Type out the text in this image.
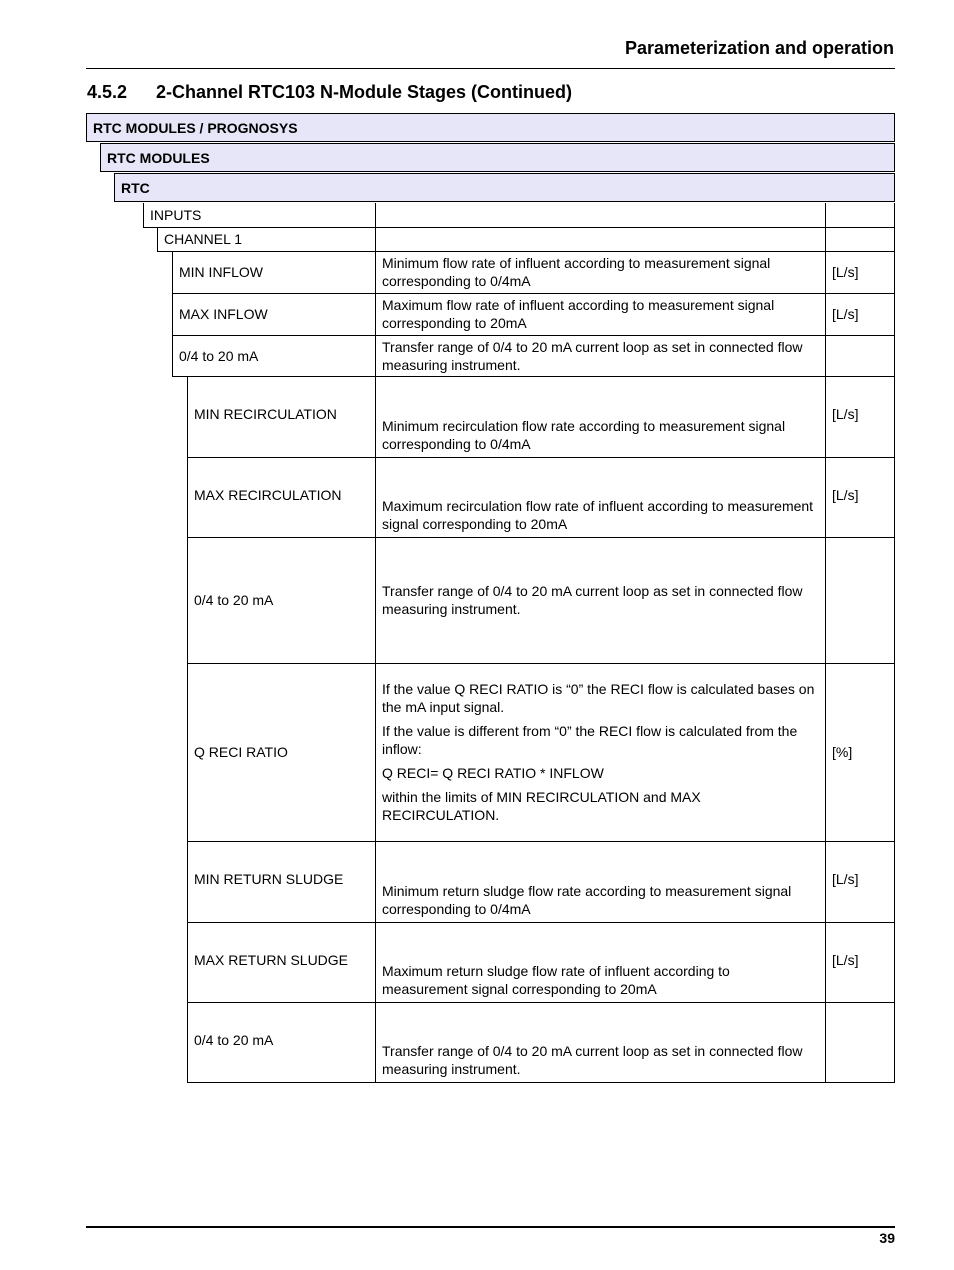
Parameterization and operation
4.5.2 2-Channel RTC103 N-Module Stages (Continued)
RTC MODULES / PROGNOSYS
RTC MODULES
RTC
INPUTS
CHANNEL 1
MIN INFLOW

Minimum flow rate of influent according to measurement signal corresponding to 0/4mA

[L/s]
MAX INFLOW

Maximum flow rate of influent according to measurement signal corresponding to 20mA

[L/s]
0/4 to 20 mA

Transfer range of 0/4 to 20 mA current loop as set in connected flow measuring instrument.

MIN RECIRCULATION

Minimum recirculation flow rate according to measurement signal corresponding to 0/4mA

[L/s]
MAX RECIRCULATION

Maximum recirculation flow rate of influent according to measurement signal corresponding to 20mA

[L/s]
0/4 to 20 mA

Transfer range of 0/4 to 20 mA current loop as set in connected flow measuring instrument.

Q RECI RATIO

If the value Q RECI RATIO is “0” the RECI flow is calculated bases on the mA input signal.

If the value is different from “0” the RECI flow is calculated from the inflow:

Q RECI= Q RECI RATIO * INFLOW

within the limits of MIN RECIRCULATION and MAX RECIRCULATION.

[%]
MIN RETURN SLUDGE

Minimum return sludge flow rate according to measurement signal corresponding to 0/4mA

[L/s]
MAX RETURN SLUDGE

Maximum return sludge flow rate of influent according to measurement signal corresponding to 20mA

[L/s]
0/4 to 20 mA

Transfer range of 0/4 to 20 mA current loop as set in connected flow measuring instrument.

39
